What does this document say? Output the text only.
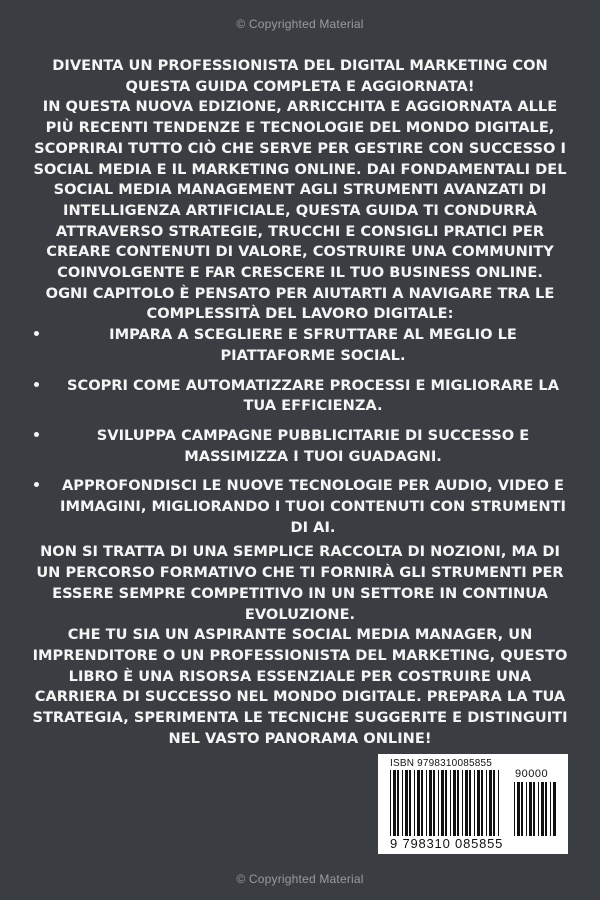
© Copyrighted Material

DIVENTA UN PROFESSIONISTA DEL DIGITAL MARKETING CON QUESTA GUIDA COMPLETA E AGGIORNATA!

IN QUESTA NUOVA EDIZIONE, ARRICCHITA E AGGIORNATA ALLE PIÙ RECENTI TENDENZE E TECNOLOGIE DEL MONDO DIGITALE, SCOPRIRAI TUTTO CIÒ CHE SERVE PER GESTIRE CON SUCCESSO I SOCIAL MEDIA E IL MARKETING ONLINE. DAI FONDAMENTALI DEL SOCIAL MEDIA MANAGEMENT AGLI STRUMENTI AVANZATI DI INTELLIGENZA ARTIFICIALE, QUESTA GUIDA TI CONDURRÀ ATTRAVERSO STRATEGIE, TRUCCHI E CONSIGLI PRATICI PER CREARE CONTENUTI DI VALORE, COSTRUIRE UNA COMMUNITY COINVOLGENTE E FAR CRESCERE IL TUO BUSINESS ONLINE.

OGNI CAPITOLO È PENSATO PER AIUTARTI A NAVIGARE TRA LE COMPLESSITÀ DEL LAVORO DIGITALE:

IMPARA A SCEGLIERE E SFRUTTARE AL MEGLIO LE PIATTAFORME SOCIAL.
SCOPRI COME AUTOMATIZZARE PROCESSI E MIGLIORARE LA TUA EFFICIENZA.
SVILUPPA CAMPAGNE PUBBLICITARIE DI SUCCESSO E MASSIMIZZA I TUOI GUADAGNI.
APPROFONDISCI LE NUOVE TECNOLOGIE PER AUDIO, VIDEO E IMMAGINI, MIGLIORANDO I TUOI CONTENUTI CON STRUMENTI DI AI.

NON SI TRATTA DI UNA SEMPLICE RACCOLTA DI NOZIONI, MA DI UN PERCORSO FORMATIVO CHE TI FORNIRÀ GLI STRUMENTI PER ESSERE SEMPRE COMPETITIVO IN UN SETTORE IN CONTINUA EVOLUZIONE.

CHE TU SIA UN ASPIRANTE SOCIAL MEDIA MANAGER, UN IMPRENDITORE O UN PROFESSIONISTA DEL MARKETING, QUESTO LIBRO È UNA RISORSA ESSENZIALE PER COSTRUIRE UNA CARRIERA DI SUCCESSO NEL MONDO DIGITALE. PREPARA LA TUA STRATEGIA, SPERIMENTA LE TECNICHE SUGGERITE E DISTINGUITI NEL VASTO PANORAMA ONLINE!

ISBN 9798310085855
90000
9 798310 085855
© Copyrighted Material
